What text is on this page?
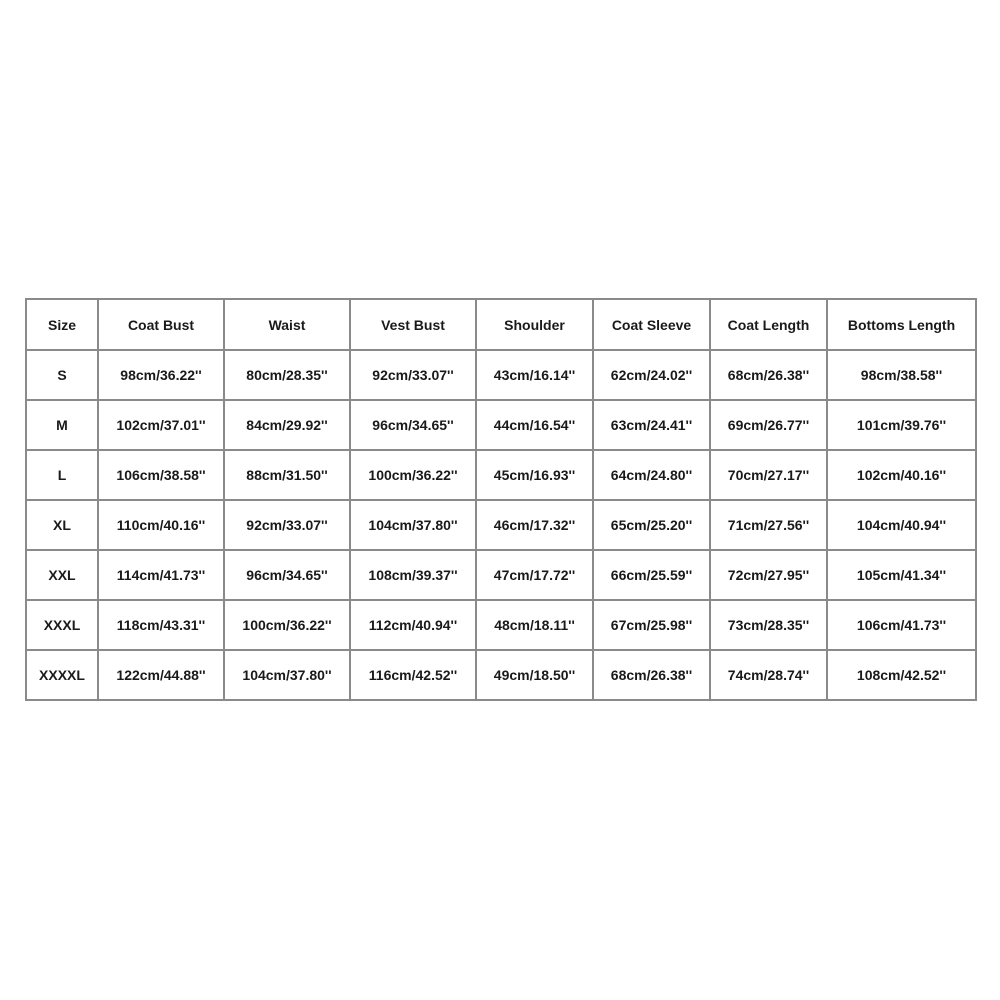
Size	Coat Bust	Waist	Vest Bust	Shoulder	Coat Sleeve	Coat Length	Bottoms Length
S	98cm/36.22''	80cm/28.35''	92cm/33.07''	43cm/16.14''	62cm/24.02''	68cm/26.38''	98cm/38.58''
M	102cm/37.01''	84cm/29.92''	96cm/34.65''	44cm/16.54''	63cm/24.41''	69cm/26.77''	101cm/39.76''
L	106cm/38.58''	88cm/31.50''	100cm/36.22''	45cm/16.93''	64cm/24.80''	70cm/27.17''	102cm/40.16''
XL	110cm/40.16''	92cm/33.07''	104cm/37.80''	46cm/17.32''	65cm/25.20''	71cm/27.56''	104cm/40.94''
XXL	114cm/41.73''	96cm/34.65''	108cm/39.37''	47cm/17.72''	66cm/25.59''	72cm/27.95''	105cm/41.34''
XXXL	118cm/43.31''	100cm/36.22''	112cm/40.94''	48cm/18.11''	67cm/25.98''	73cm/28.35''	106cm/41.73''
XXXXL	122cm/44.88''	104cm/37.80''	116cm/42.52''	49cm/18.50''	68cm/26.38''	74cm/28.74''	108cm/42.52''
